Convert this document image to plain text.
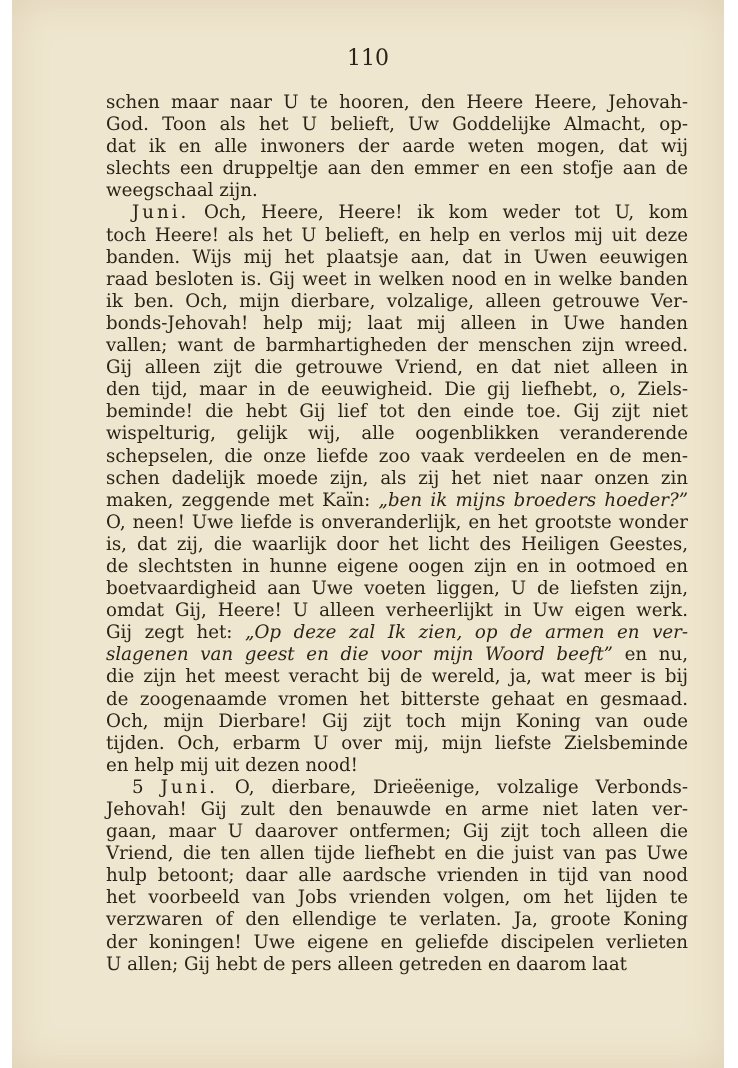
110
schen maar naar U te hooren, den Heere Heere, Jehovah-
God. Toon als het U belieft, Uw Goddelijke Almacht, op-
dat ik en alle inwoners der aarde weten mogen, dat wij
slechts een druppeltje aan den emmer en een stofje aan de
weegschaal zijn.
Juni. Och, Heere, Heere! ik kom weder tot U, kom
toch Heere! als het U belieft, en help en verlos mij uit deze
banden. Wijs mij het plaatsje aan, dat in Uwen eeuwigen
raad besloten is. Gij weet in welken nood en in welke banden
ik ben. Och, mijn dierbare, volzalige, alleen getrouwe Ver-
bonds-Jehovah! help mij; laat mij alleen in Uwe handen
vallen; want de barmhartigheden der menschen zijn wreed.
Gij alleen zijt die getrouwe Vriend, en dat niet alleen in
den tijd, maar in de eeuwigheid. Die gij liefhebt, o, Ziels-
beminde! die hebt Gij lief tot den einde toe. Gij zijt niet
wispelturig, gelijk wij, alle oogenblikken veranderende
schepselen, die onze liefde zoo vaak verdeelen en de men-
schen dadelijk moede zijn, als zij het niet naar onzen zin
maken, zeggende met Kaïn: „ben ik mijns broeders hoeder?”
O, neen! Uwe liefde is onveranderlijk, en het grootste wonder
is, dat zij, die waarlijk door het licht des Heiligen Geestes,
de slechtsten in hunne eigene oogen zijn en in ootmoed en
boetvaardigheid aan Uwe voeten liggen, U de liefsten zijn,
omdat Gij, Heere! U alleen verheerlijkt in Uw eigen werk.
Gij zegt het: „Op deze zal Ik zien, op de armen en ver-
slagenen van geest en die voor mijn Woord beeft” en nu,
die zijn het meest veracht bij de wereld, ja, wat meer is bij
de zoogenaamde vromen het bitterste gehaat en gesmaad.
Och, mijn Dierbare! Gij zijt toch mijn Koning van oude
tijden. Och, erbarm U over mij, mijn liefste Zielsbeminde
en help mij uit dezen nood!
5 Juni. O, dierbare, Drieëenige, volzalige Verbonds-
Jehovah! Gij zult den benauwde en arme niet laten ver-
gaan, maar U daarover ontfermen; Gij zijt toch alleen die
Vriend, die ten allen tijde liefhebt en die juist van pas Uwe
hulp betoont; daar alle aardsche vrienden in tijd van nood
het voorbeeld van Jobs vrienden volgen, om het lijden te
verzwaren of den ellendige te verlaten. Ja, groote Koning
der koningen! Uwe eigene en geliefde discipelen verlieten
U allen; Gij hebt de pers alleen getreden en daarom laat
